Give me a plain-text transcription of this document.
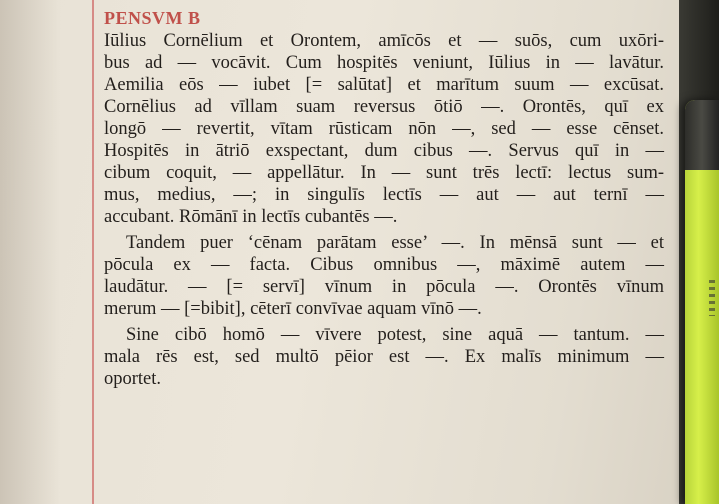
PENSVM B
Iūlius Cornēlium et Orontem, amīcōs et — suōs, cum uxōri-
bus ad — vocāvit. Cum hospitēs veniunt, Iūlius in — lavātur.
Aemilia eōs — iubet [= salūtat] et marītum suum — excūsat.
Cornēlius ad vīllam suam reversus ōtiō —. Orontēs, quī ex
longō — revertit, vītam rūsticam nōn —, sed — esse cēnset.
Hospitēs in ātriō exspectant, dum cibus —. Servus quī in —
cibum coquit, — appellātur. In — sunt trēs lectī: lectus sum-
mus, medius, —; in singulīs lectīs — aut — aut ternī —
accubant. Rōmānī in lectīs cubantēs —.
Tandem puer ‘cēnam parātam esse’ —. In mēnsā sunt — et
pōcula ex — facta. Cibus omnibus —, māximē autem —
laudātur. — [= servī] vīnum in pōcula —. Orontēs vīnum
merum — [=bibit], cēterī convīvae aquam vīnō —.
Sine cibō homō — vīvere potest, sine aquā — tantum. —
mala rēs est, sed multō pēior est —. Ex malīs minimum —
oportet.
